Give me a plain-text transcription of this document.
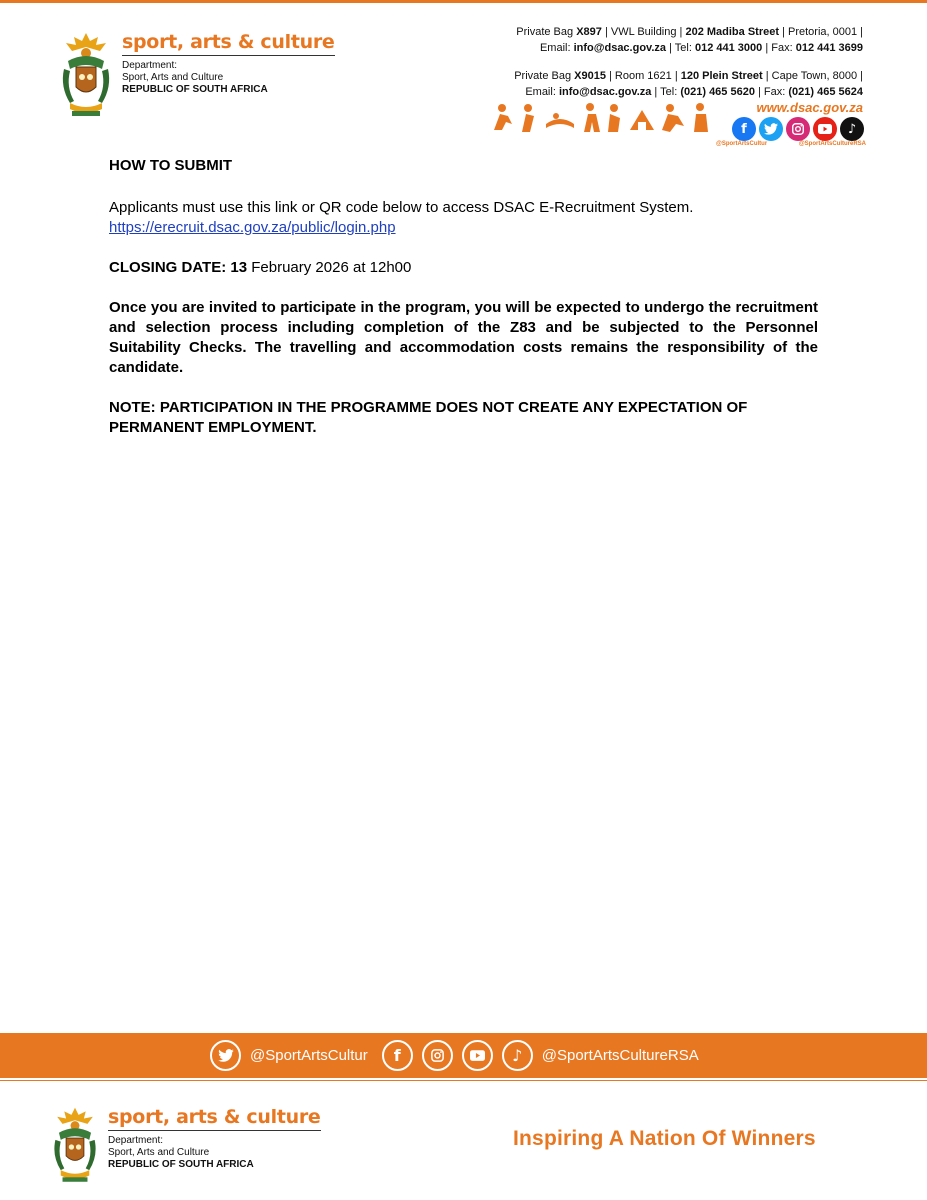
sport, arts & culture
Department:
Sport, Arts and Culture
REPUBLIC OF SOUTH AFRICA
Private Bag X897 | VWL Building | 202 Madiba Street | Pretoria, 0001 |
Email: info@dsac.gov.za | Tel: 012 441 3000 | Fax: 012 441 3699
Private Bag X9015 | Room 1621 | 120 Plein Street | Cape Town, 8000 |
Email: info@dsac.gov.za | Tel: (021) 465 5620 | Fax: (021) 465 5624
www.dsac.gov.za
f	♪
@SportArtsCultur	@SportArtsCultureRSA

HOW TO SUBMIT

Applicants must use this link or QR code below to access DSAC E-Recruitment System.

https://erecruit.dsac.gov.za/public/login.php

CLOSING DATE: 13 February 2026 at 12h00

Once you are invited to participate in the program, you will be expected to undergo the recruitment and selection process including completion of the Z83 and be subjected to the Personnel Suitability Checks. The travelling and accommodation costs remains the responsibility of the candidate.

NOTE: PARTICIPATION IN THE PROGRAMME DOES NOT CREATE ANY EXPECTATION OF PERMANENT EMPLOYMENT.

@SportArtsCultur	f	♪	@SportArtsCultureRSA
sport, arts & culture
Department:
Sport, Arts and Culture
REPUBLIC OF SOUTH AFRICA
Inspiring A Nation Of Winners
